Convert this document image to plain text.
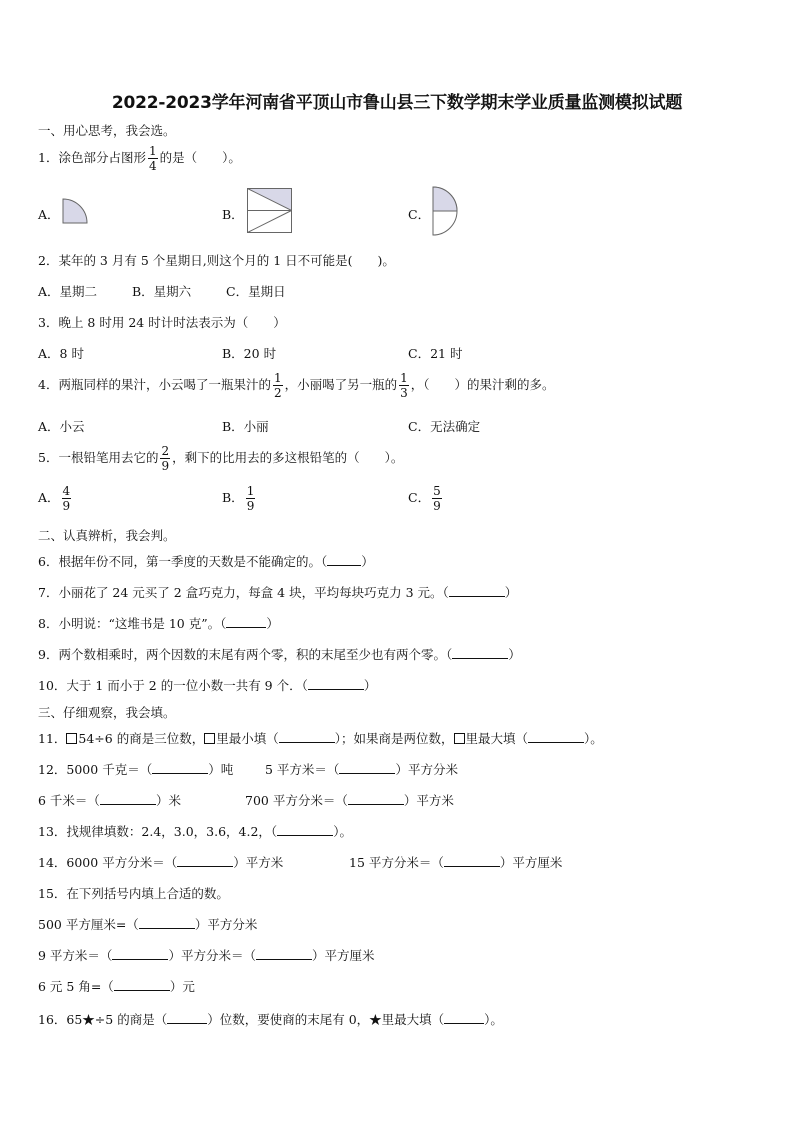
2022-2023学年河南省平顶山市鲁山县三下数学期末学业质量监测模拟试题
一、用心思考，我会选。
1．涂色部分占图形 $\frac{1}{4}$ 的是（　　）。
A．	B．	C．
2．某年的 3 月有 5 个星期日,则这个月的 1 日不可能是(　　)。
A．星期二	B．星期六	C．星期日
3．晚上 8 时用 24 时计时法表示为（　　）
A．8 时	B．20 时	C．21 时
4．两瓶同样的果汁，小云喝了一瓶果汁的 $\frac{1}{2}$ ，小丽喝了另一瓶的 $\frac{1}{3}$ ，（　　）的果汁剩的多。
A．小云	B．小丽	C．无法确定
5．一根铅笔用去它的 $\frac{2}{9}$ ，剩下的比用去的多这根铅笔的（　　）。
A． $\frac{4}{9}$	B． $\frac{1}{9}$	C． $\frac{5}{9}$
二、认真辨析，我会判。
6．根据年份不同，第一季度的天数是不能确定的。（	）
7．小丽花了 24 元买了 2 盒巧克力，每盒 4 块，平均每块巧克力 3 元。（	）
8．小明说：“这堆书是 10 克”。（	）
9．两个数相乘时，两个因数的末尾有两个零，积的末尾至少也有两个零。（	）
10．大于 1 而小于 2 的一位小数一共有 9 个．（	）
三、仔细观察，我会填。
11． 54÷6 的商是三位数， 里最小填（	）；如果商是两位数， 里最大填（	）。
12．5000 千克＝（	）吨	5 平方米＝（	）平方分米
6 千米＝（	）米	700 平方分米＝（	）平方米
13．找规律填数：2.4，3.0，3.6，4.2，（	）。
14．6000 平方分米＝（	）平方米	15 平方分米＝（	）平方厘米
15．在下列括号内填上合适的数。
500 平方厘米=（	）平方分米
9 平方米＝（	）平方分米＝（	）平方厘米
6 元 5 角=（	）元
16．65★÷5 的商是（	）位数，要使商的末尾有 0，★里最大填（	）。
